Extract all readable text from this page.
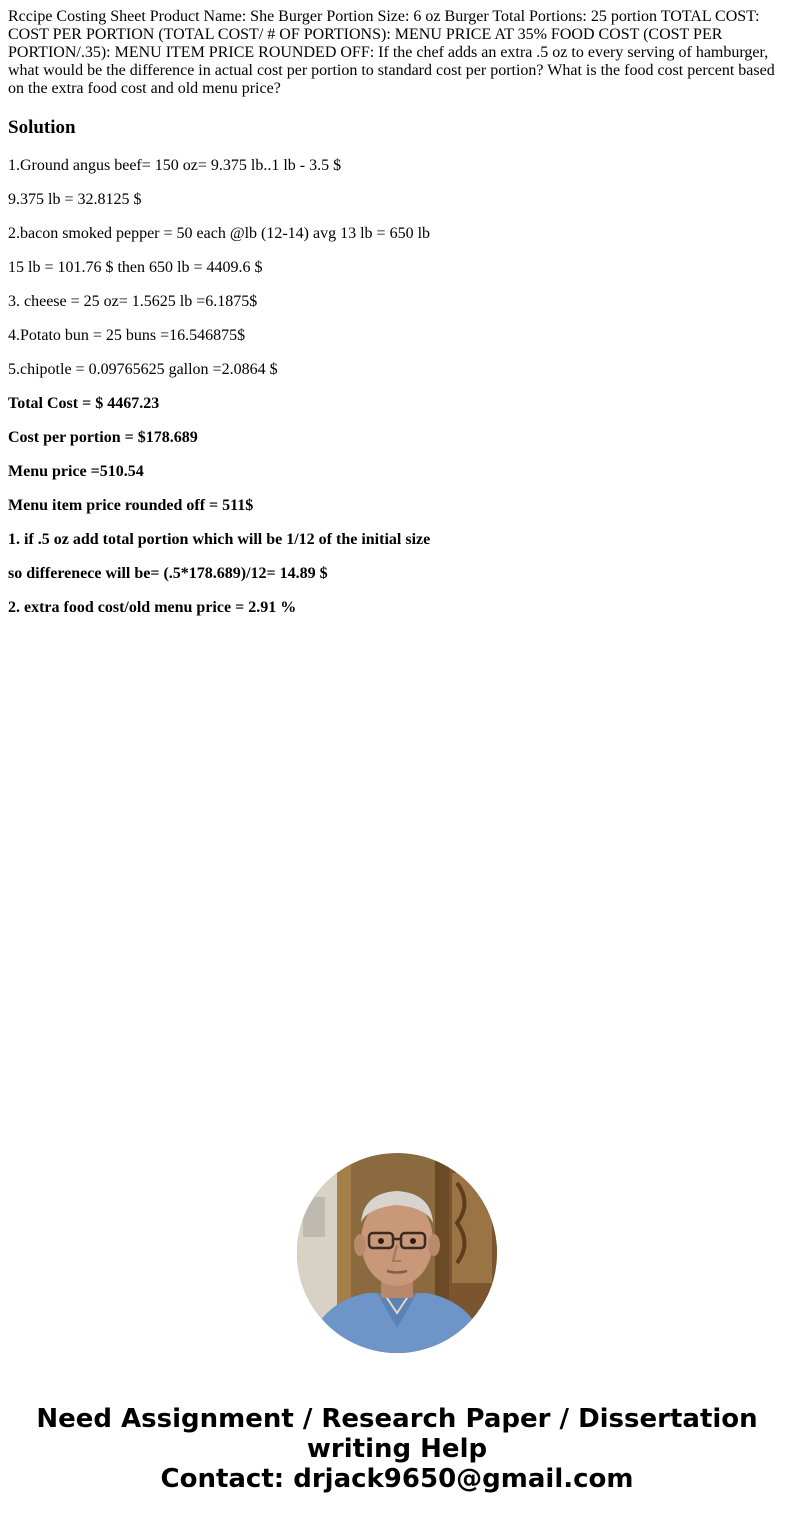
Rccipe Costing Sheet Product Name: She Burger Portion Size: 6 oz Burger Total Portions: 25 portion TOTAL COST: COST PER PORTION (TOTAL COST/ # OF PORTIONS): MENU PRICE AT 35% FOOD COST (COST PER PORTION/.35): MENU ITEM PRICE ROUNDED OFF: If the chef adds an extra .5 oz to every serving of hamburger, what would be the difference in actual cost per portion to standard cost per portion? What is the food cost percent based on the extra food cost and old menu price?

Solution

1.Ground angus beef= 150 oz= 9.375 lb..1 lb - 3.5 $

9.375 lb = 32.8125 $

2.bacon smoked pepper = 50 each @lb (12-14) avg 13 lb = 650 lb

15 lb = 101.76 $ then 650 lb = 4409.6 $

3. cheese = 25 oz= 1.5625 lb =6.1875$

4.Potato bun = 25 buns =16.546875$

5.chipotle = 0.09765625 gallon =2.0864 $

Total Cost = $ 4467.23

Cost per portion = $178.689

Menu price =510.54

Menu item price rounded off = 511$

1. if .5 oz add total portion which will be 1/12 of the initial size

so differenece will be= (.5*178.689)/12= 14.89 $

2. extra food cost/old menu price = 2.91 %

Need Assignment / Research Paper / Dissertation
writing Help
Contact: drjack9650@gmail.com
